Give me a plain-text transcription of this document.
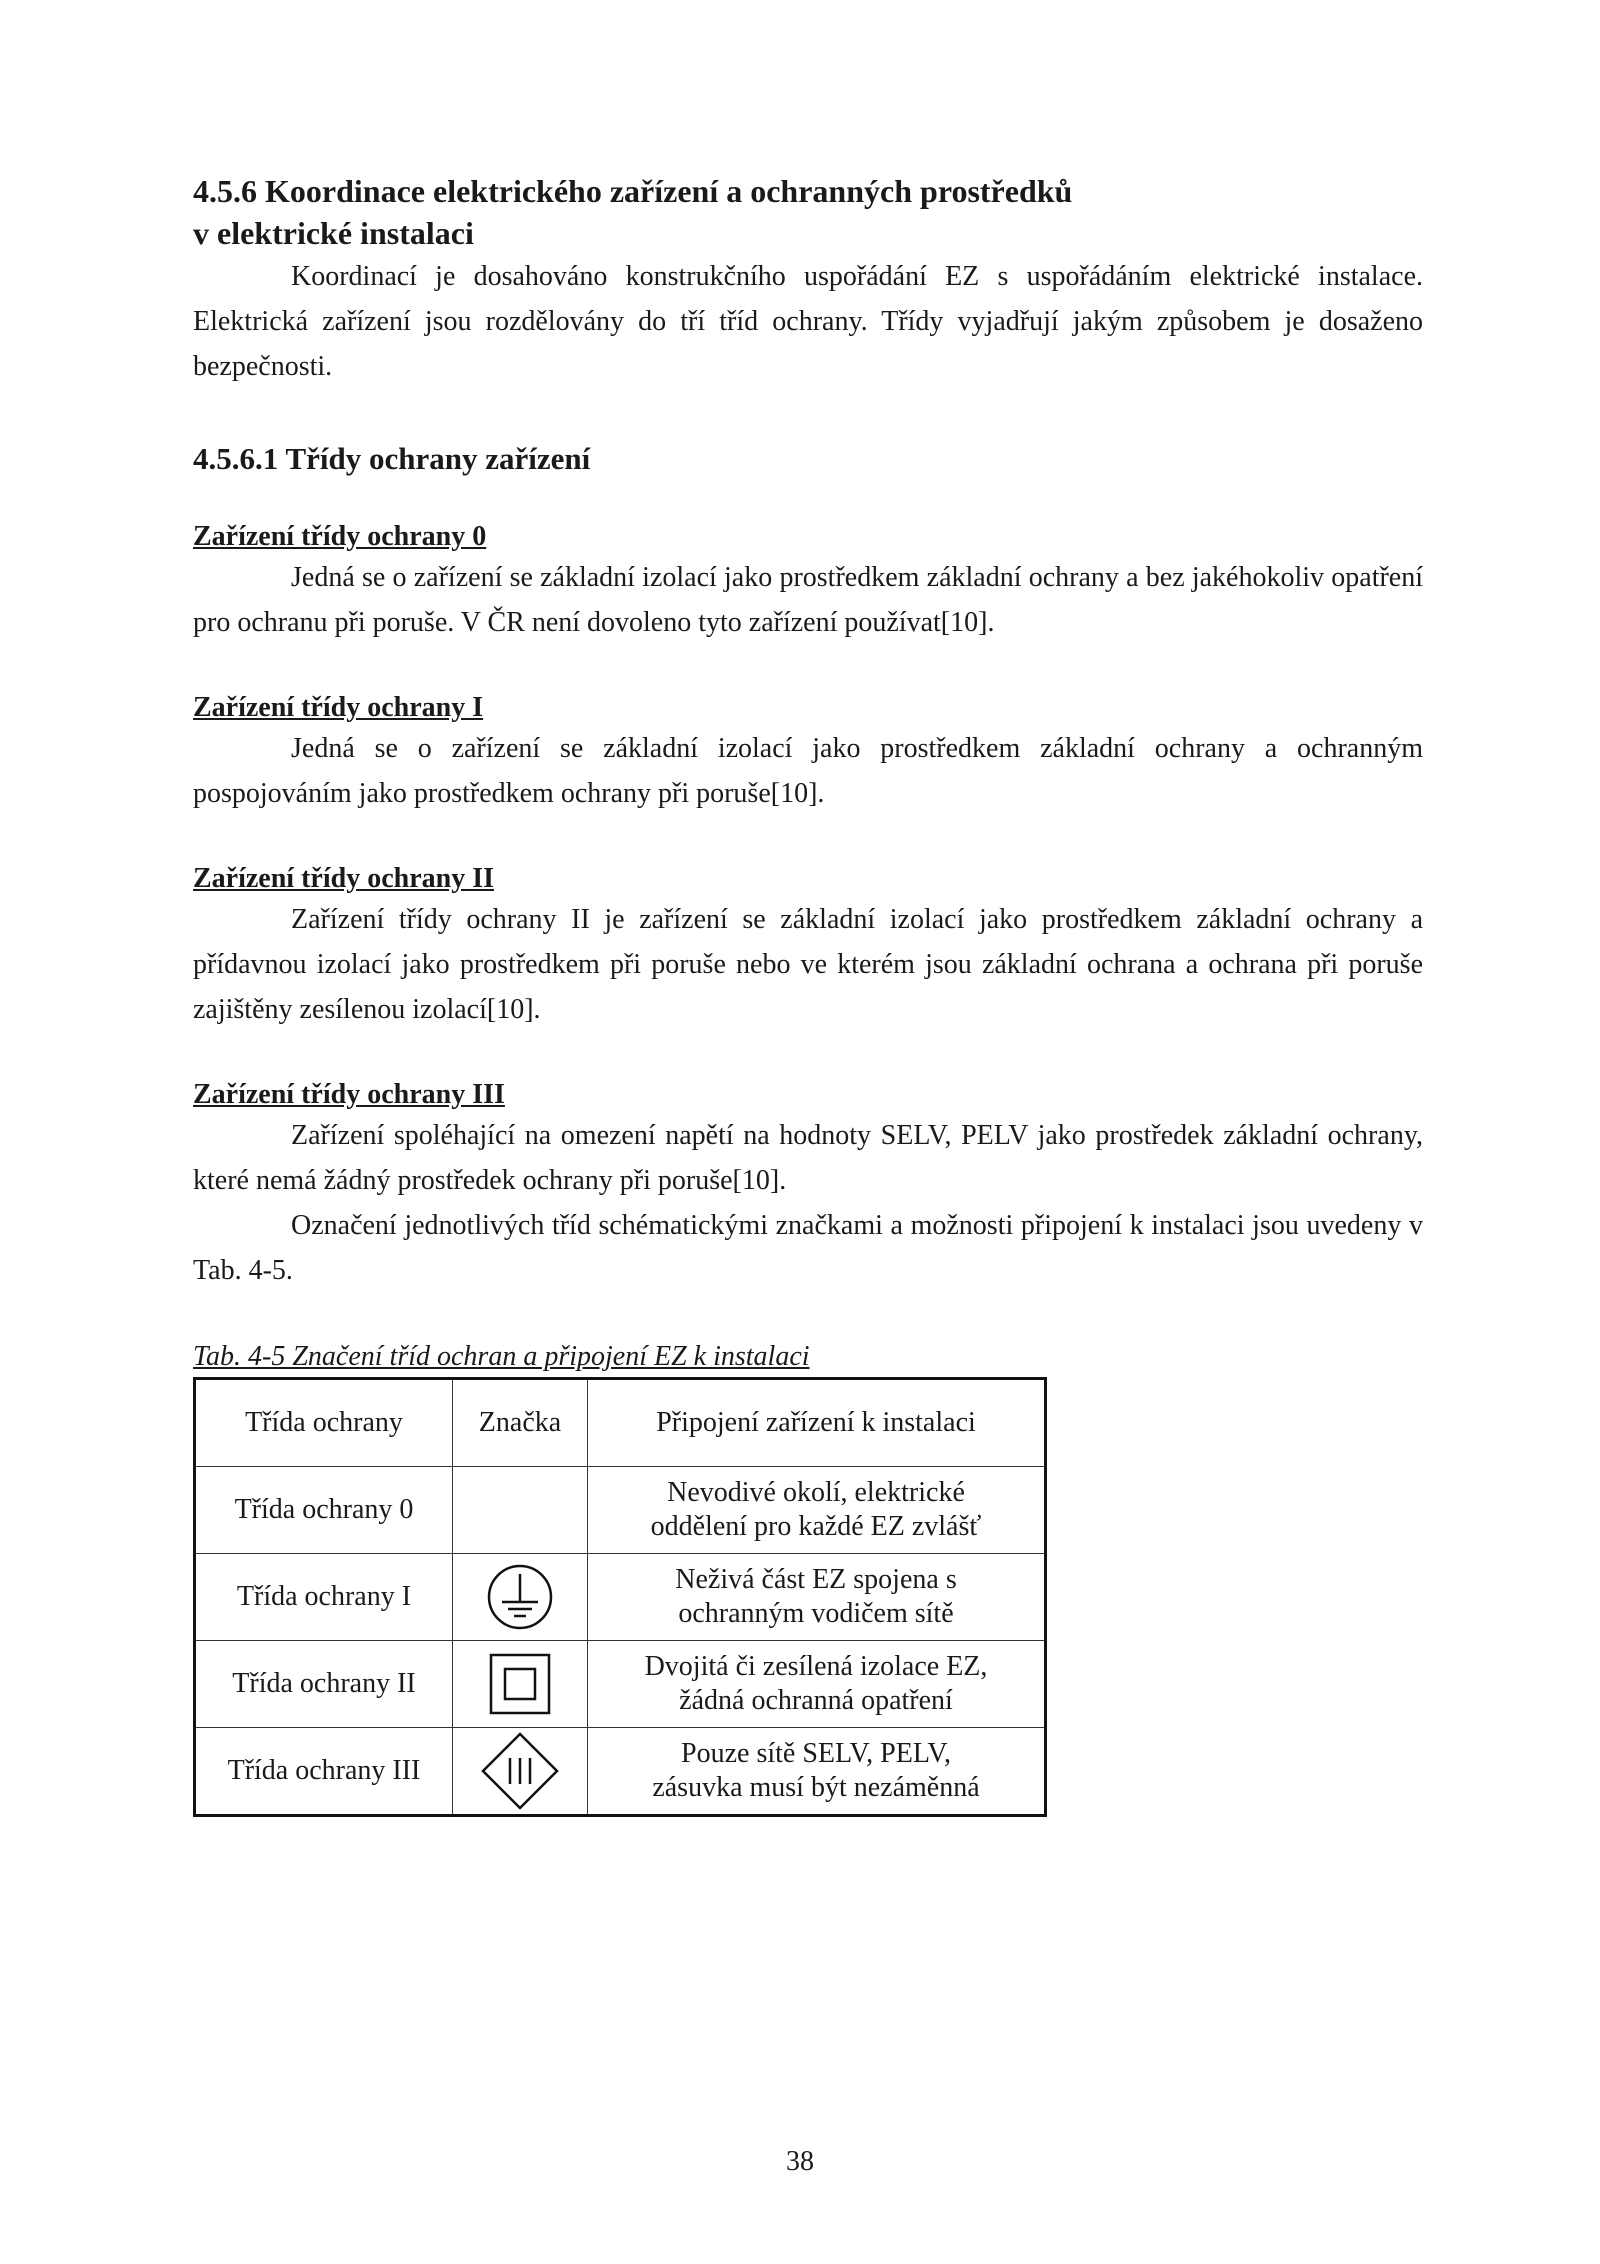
4.5.6 Koordinace elektrického zařízení a ochranných prostředků
v elektrické instalaci

Koordinací je dosahováno konstrukčního uspořádání EZ s uspořádáním elektrické instalace. Elektrická zařízení jsou rozdělovány do tří tříd ochrany. Třídy vyjadřují jakým způsobem je dosaženo bezpečnosti.

4.5.6.1 Třídy ochrany zařízení
Zařízení třídy ochrany 0

Jedná se o zařízení se základní izolací jako prostředkem základní ochrany a bez jakéhokoliv opatření pro ochranu při poruše. V ČR není dovoleno tyto zařízení používat[10].

Zařízení třídy ochrany I

Jedná se o zařízení se základní izolací jako prostředkem základní ochrany a ochranným pospojováním jako prostředkem ochrany při poruše[10].

Zařízení třídy ochrany II

Zařízení třídy ochrany II je zařízení se základní izolací jako prostředkem základní ochrany a přídavnou izolací jako prostředkem při poruše nebo ve kterém jsou základní ochrana a ochrana při poruše zajištěny zesílenou izolací[10].

Zařízení třídy ochrany III

Zařízení spoléhající na omezení napětí na hodnoty SELV, PELV jako prostředek základní ochrany, které nemá žádný prostředek ochrany při poruše[10].

Označení jednotlivých tříd schématickými značkami a možnosti připojení k instalaci jsou uvedeny v Tab. 4-5.

Tab. 4-5 Značení tříd ochran a připojení EZ k instalaci
Třída ochrany	Značka	Připojení zařízení k instalaci
Třída ochrany 0		Nevodivé okolí, elektrické
oddělení pro každé EZ zvlášť
Třída ochrany I		Neživá část EZ spojena s
ochranným vodičem sítě
Třída ochrany II		Dvojitá či zesílená izolace EZ,
žádná ochranná opatření
Třída ochrany III		Pouze sítě SELV, PELV,
zásuvka musí být nezáměnná
38
